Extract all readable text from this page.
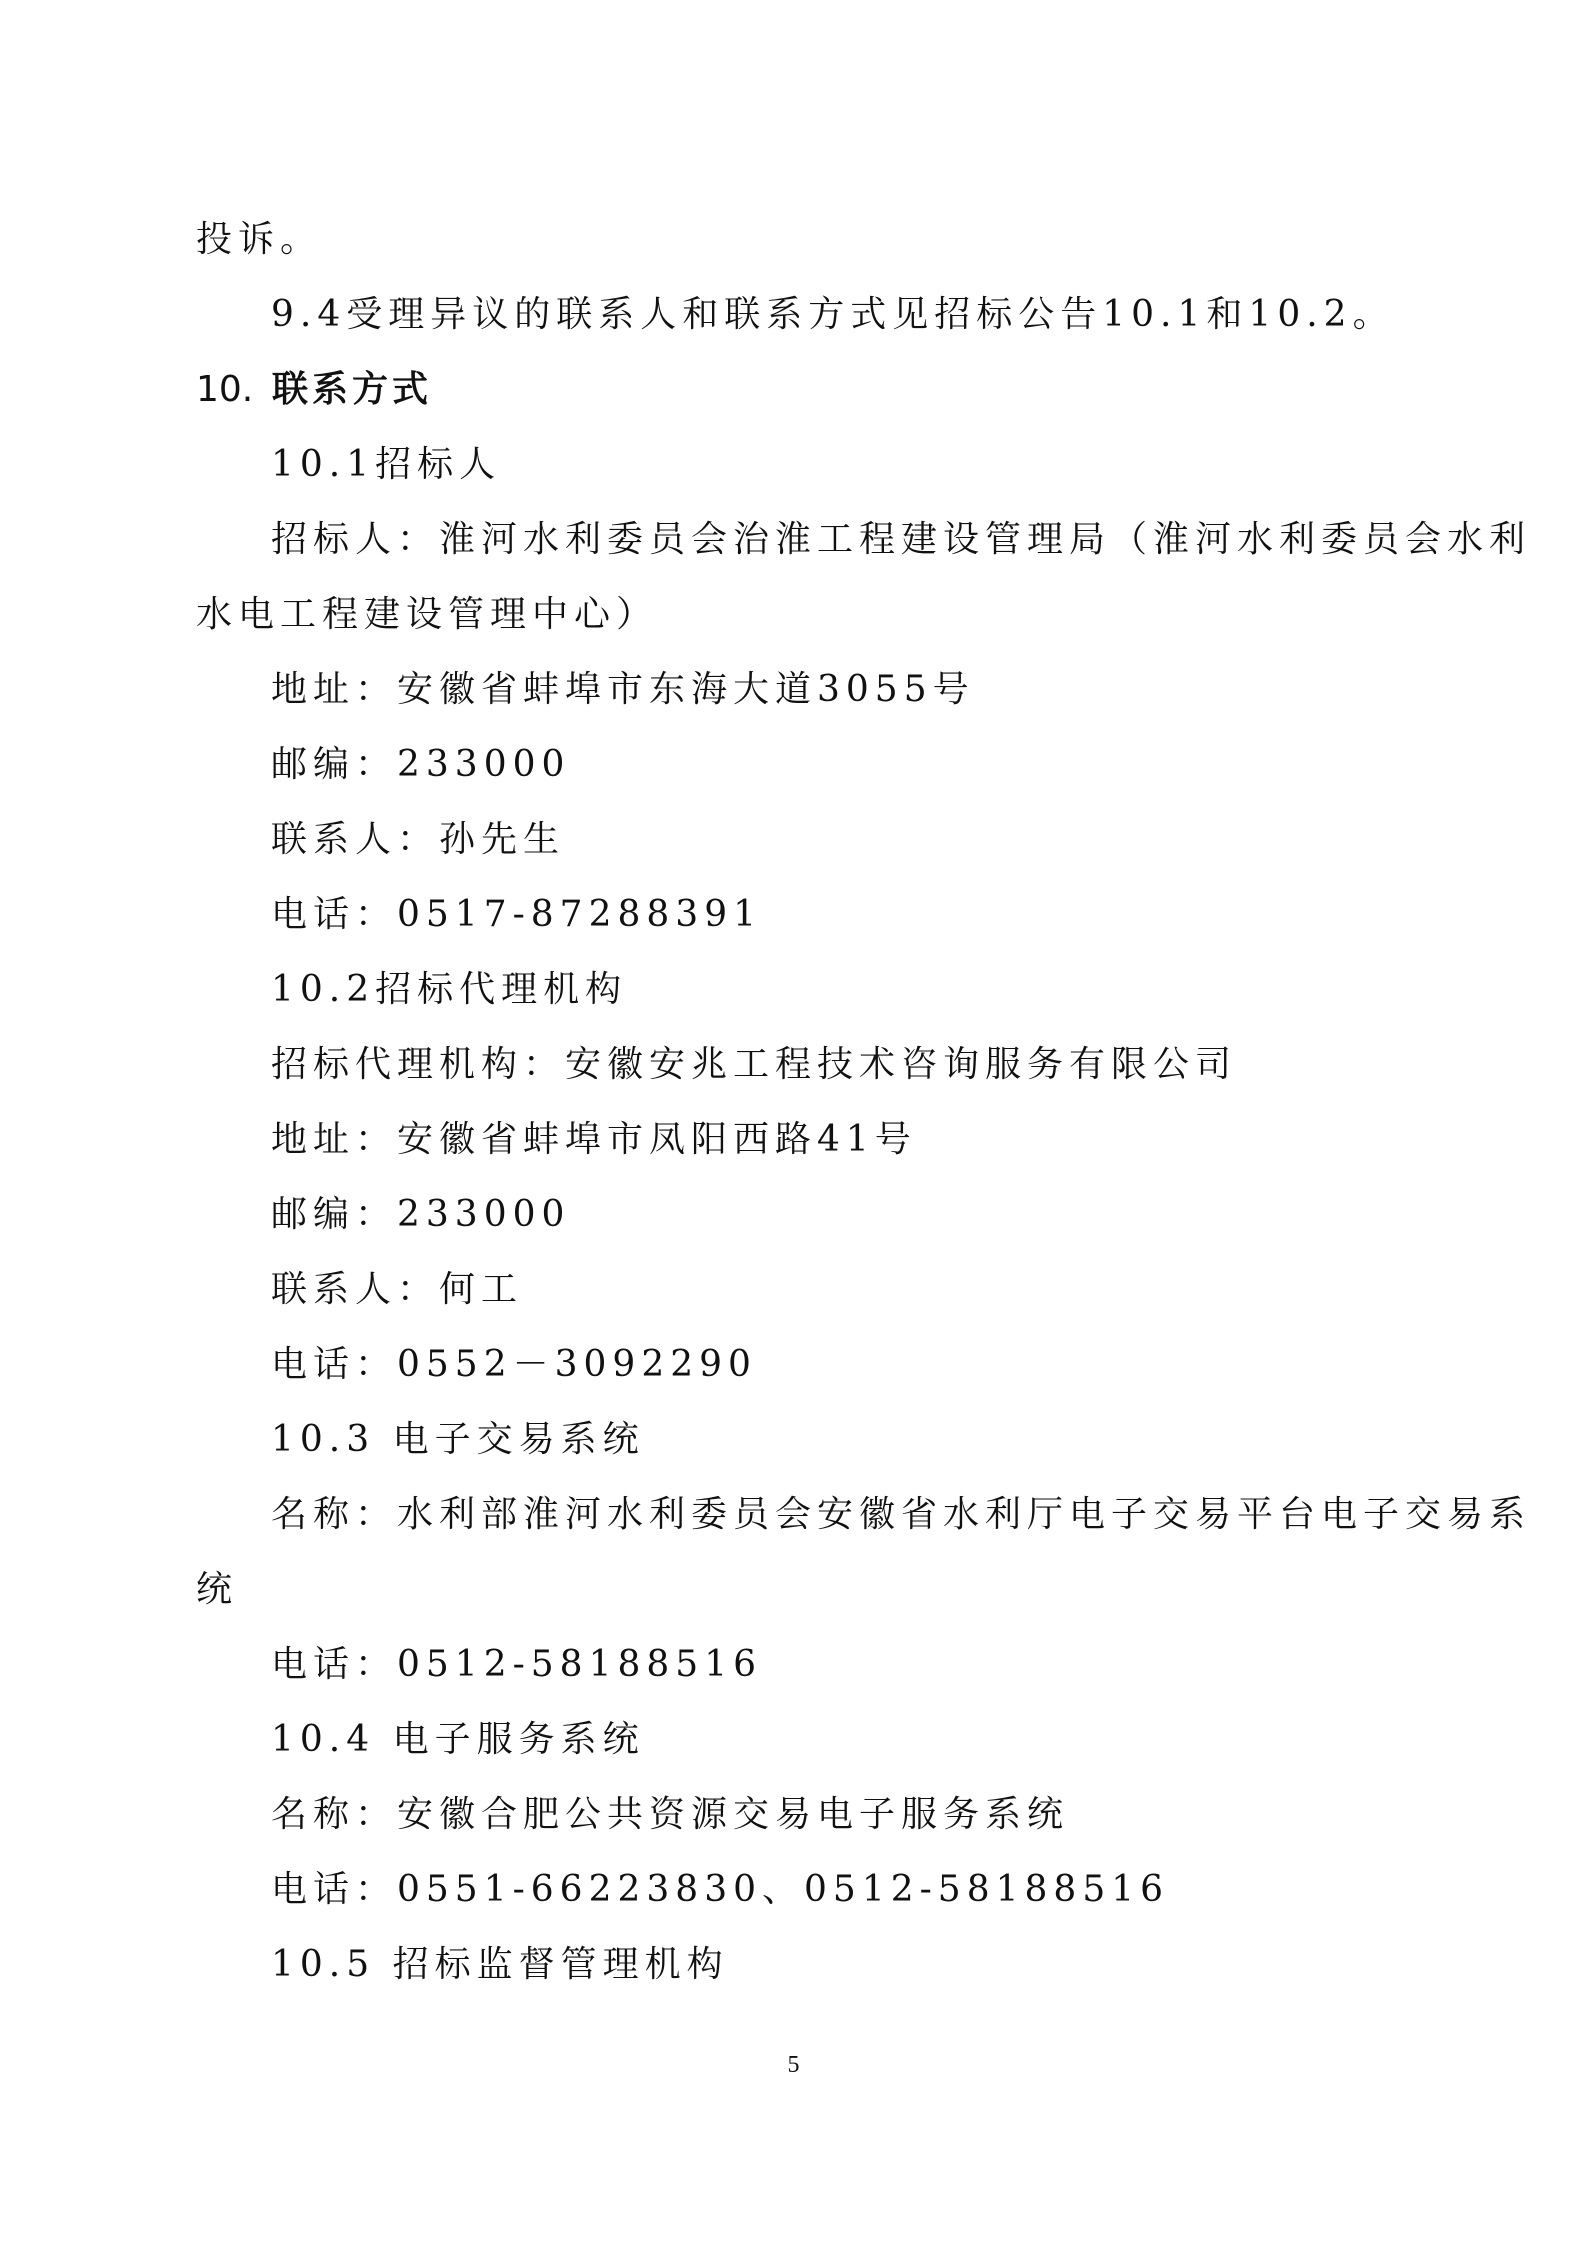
投诉。
9.4受理异议的联系人和联系方式见招标公告10.1和10.2。
10. 联系方式
10.1招标人
招标人：淮河水利委员会治淮工程建设管理局（淮河水利委员会水利
水电工程建设管理中心）
地址：安徽省蚌埠市东海大道3055号
邮编：233000
联系人：孙先生
电话：0517-87288391
10.2招标代理机构
招标代理机构：安徽安兆工程技术咨询服务有限公司
地址：安徽省蚌埠市凤阳西路41号
邮编：233000
联系人：何工
电话：0552－3092290
10.3 电子交易系统
名称：水利部淮河水利委员会安徽省水利厅电子交易平台电子交易系
统
电话：0512-58188516
10.4 电子服务系统
名称：安徽合肥公共资源交易电子服务系统
电话：0551-66223830、0512-58188516
10.5 招标监督管理机构
5
